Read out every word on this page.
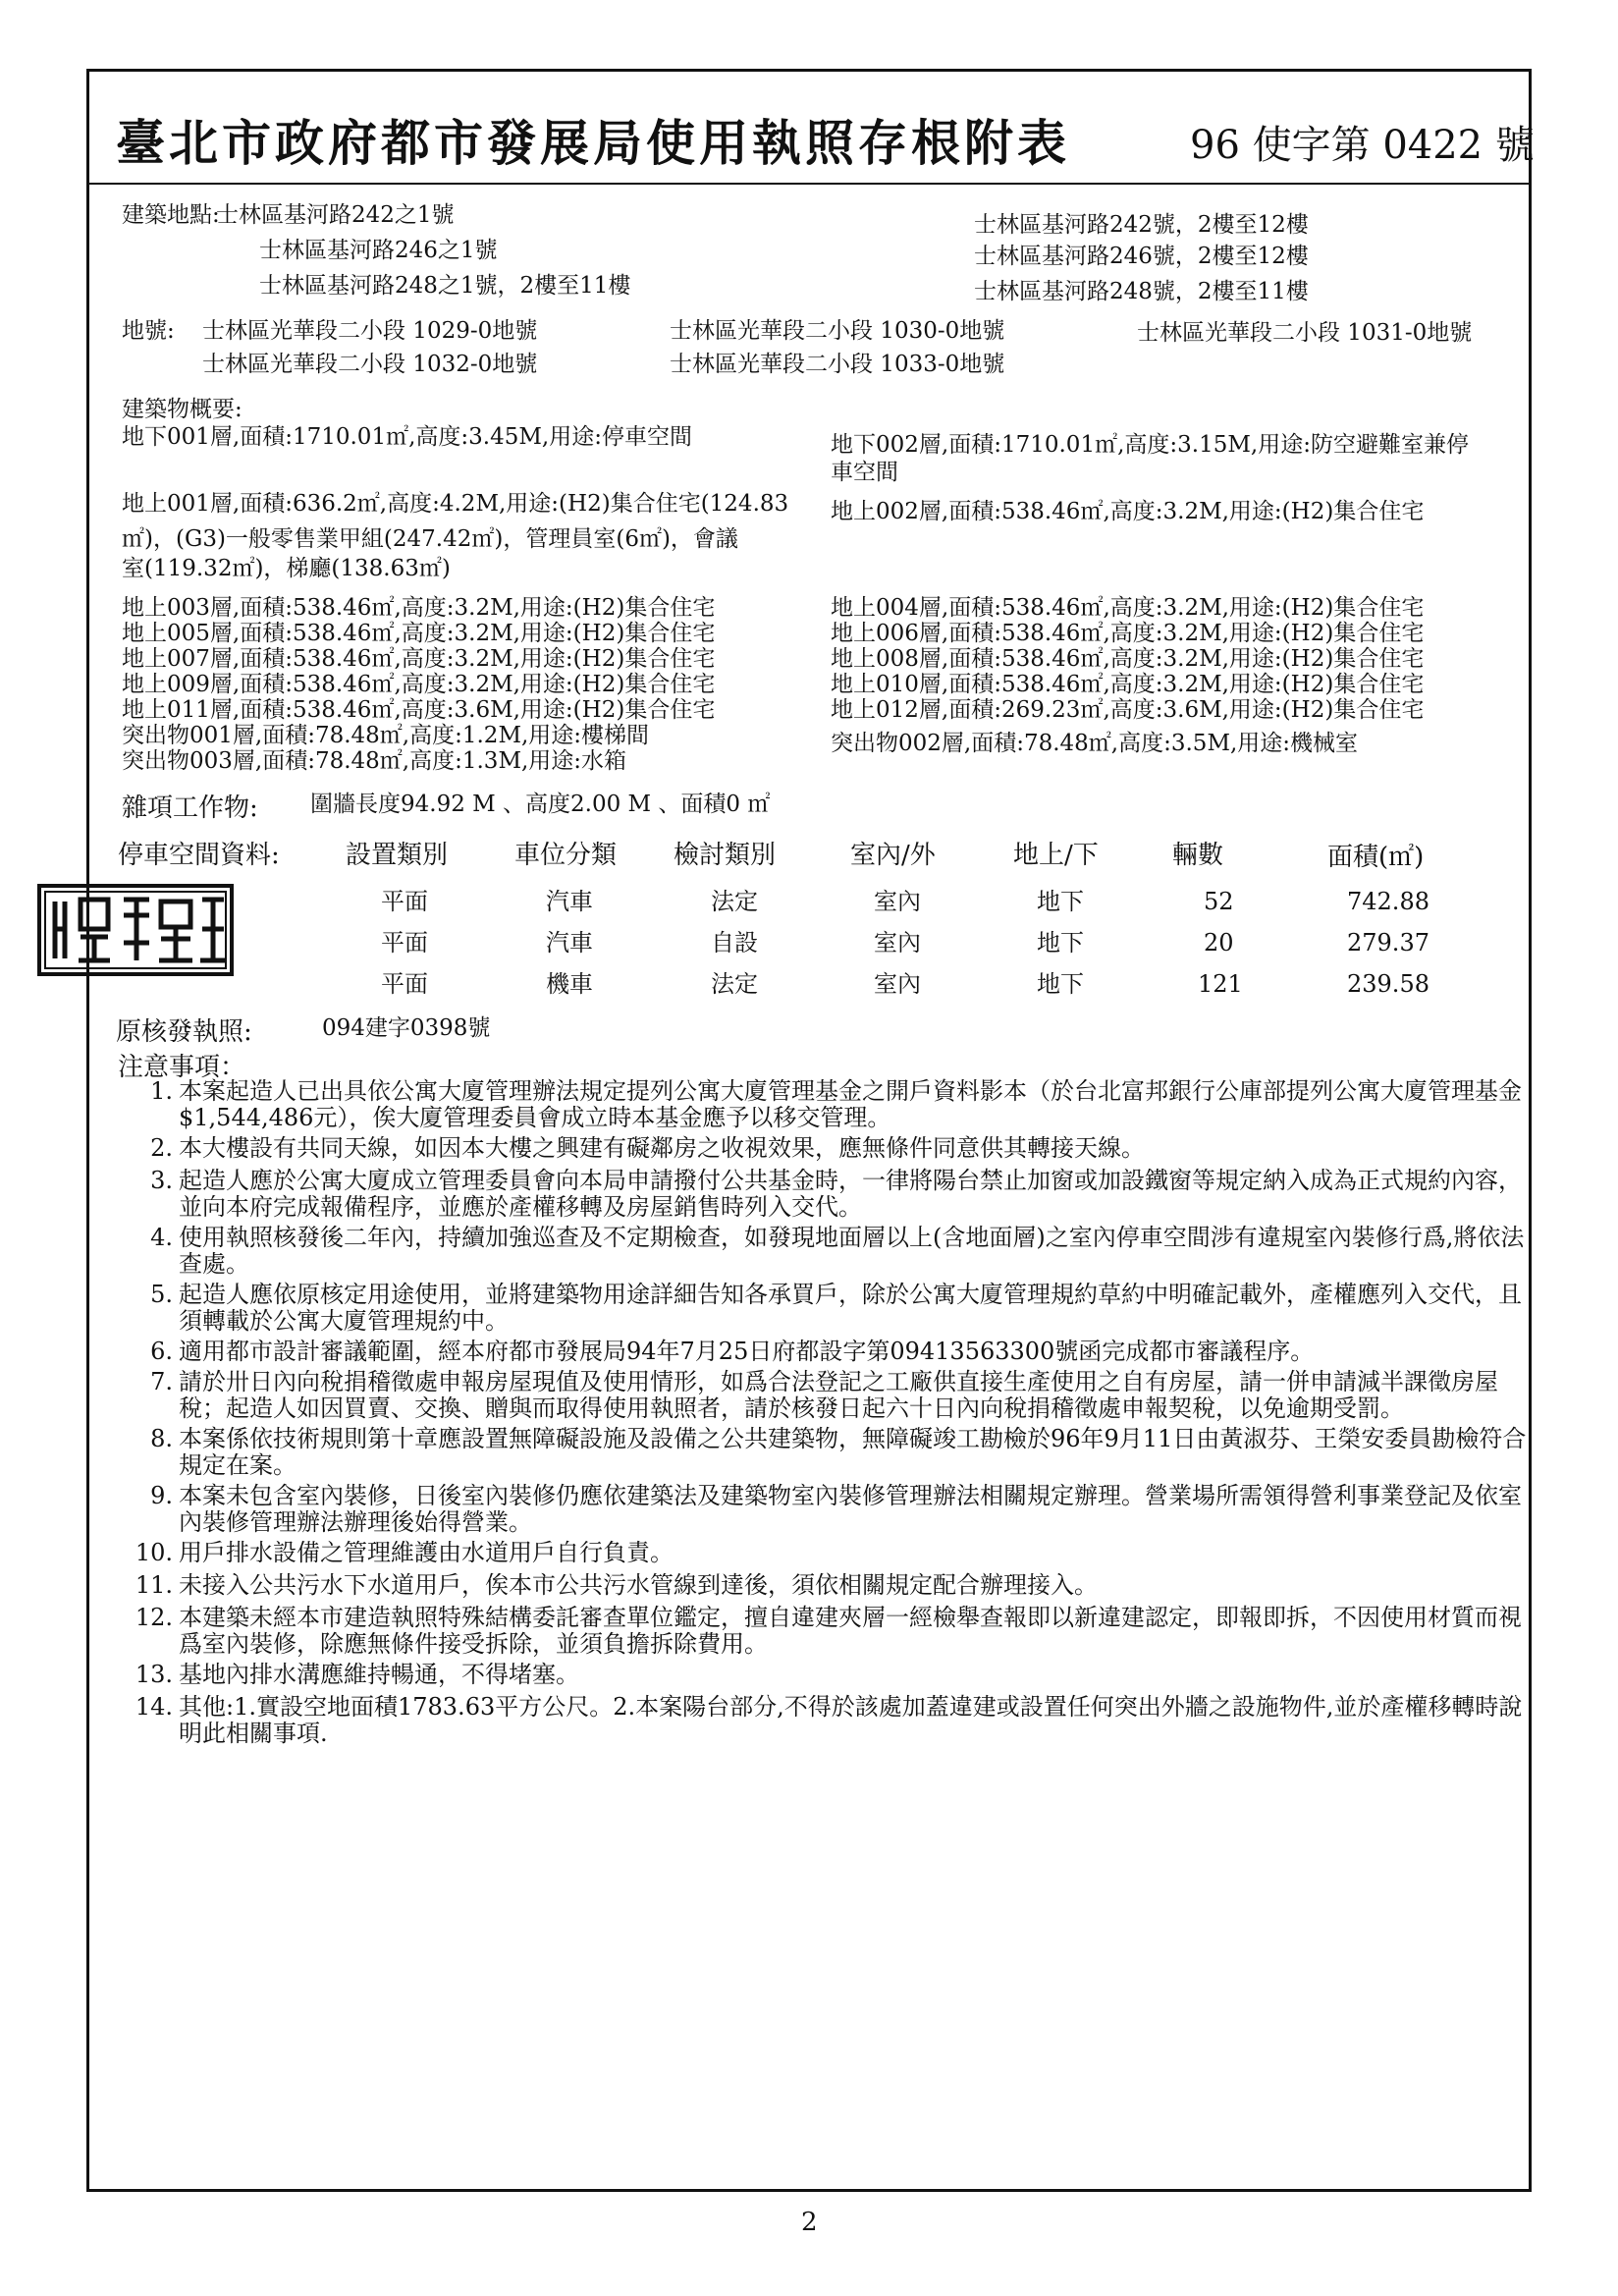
臺北市政府都市發展局使用執照存根附表	96 使字第 0422 號
建築地點:
士林區基河路242之1號
士林區基河路246之1號
士林區基河路248之1號，2樓至11樓
士林區基河路242號，2樓至12樓
士林區基河路246號，2樓至12樓
士林區基河路248號，2樓至11樓
地號: 士林區光華段二小段 1029-0地號	士林區光華段二小段 1030-0地號	士林區光華段二小段 1031-0地號
士林區光華段二小段 1032-0地號	士林區光華段二小段 1033-0地號
建築物概要:
地下001層,面積:1710.01㎡,高度:3.45M,用途:停車空間	地下002層,面積:1710.01㎡,高度:3.15M,用途:防空避難室兼停
車空間
地上001層,面積:636.2㎡,高度:4.2M,用途:(H2)集合住宅(124.83
㎡)，(G3)一般零售業甲組(247.42㎡)，管理員室(6㎡)，會議
室(119.32㎡)，梯廳(138.63㎡)
地上002層,面積:538.46㎡,高度:3.2M,用途:(H2)集合住宅
地上003層,面積:538.46㎡,高度:3.2M,用途:(H2)集合住宅
地上005層,面積:538.46㎡,高度:3.2M,用途:(H2)集合住宅
地上007層,面積:538.46㎡,高度:3.2M,用途:(H2)集合住宅
地上009層,面積:538.46㎡,高度:3.2M,用途:(H2)集合住宅
地上011層,面積:538.46㎡,高度:3.6M,用途:(H2)集合住宅
突出物001層,面積:78.48㎡,高度:1.2M,用途:樓梯間
突出物003層,面積:78.48㎡,高度:1.3M,用途:水箱
地上004層,面積:538.46㎡,高度:3.2M,用途:(H2)集合住宅
地上006層,面積:538.46㎡,高度:3.2M,用途:(H2)集合住宅
地上008層,面積:538.46㎡,高度:3.2M,用途:(H2)集合住宅
地上010層,面積:538.46㎡,高度:3.2M,用途:(H2)集合住宅
地上012層,面積:269.23㎡,高度:3.6M,用途:(H2)集合住宅
突出物002層,面積:78.48㎡,高度:3.5M,用途:機械室
雜項工作物: 圍牆長度94.92 M 、高度2.00 M 、面積0 ㎡
停車空間資料:	設置類別	車位分類 檢討類別	室內/外	地上/下	輛數	面積(㎡)
平面	汽車	法定	室內	地下	52	742.88
平面	汽車	自設	室內	地下	20	279.37
平面	機車	法定	室內	地下	121	239.58
原核發執照:	094建字0398號
注意事項：
1. 本案起造人已出具依公寓大廈管理辦法規定提列公寓大廈管理基金之開戶資料影本（於台北富邦銀行公庫部提列公寓大廈管理基金$1,544,486元），俟大廈管理委員會成立時本基金應予以移交管理。
2. 本大樓設有共同天線，如因本大樓之興建有礙鄰房之收視效果，應無條件同意供其轉接天線。
3. 起造人應於公寓大廈成立管理委員會向本局申請撥付公共基金時，一律將陽台禁止加窗或加設鐵窗等規定納入成為正式規約內容，並向本府完成報備程序，並應於產權移轉及房屋銷售時列入交代。
4. 使用執照核發後二年內，持續加強巡查及不定期檢查，如發現地面層以上(含地面層)之室內停車空間涉有違規室內裝修行爲,將依法查處。
5. 起造人應依原核定用途使用，並將建築物用途詳細告知各承買戶，除於公寓大廈管理規約草約中明確記載外，產權應列入交代，且須轉載於公寓大廈管理規約中。
6. 適用都市設計審議範圍，經本府都市發展局94年7月25日府都設字第09413563300號函完成都市審議程序。
7. 請於卅日內向稅捐稽徵處申報房屋現值及使用情形，如爲合法登記之工廠供直接生產使用之自有房屋，請一併申請減半課徵房屋稅；起造人如因買賣、交換、贈與而取得使用執照者，請於核發日起六十日內向稅捐稽徵處申報契稅，以免逾期受罰。
8. 本案係依技術規則第十章應設置無障礙設施及設備之公共建築物，無障礙竣工勘檢於96年9月11日由黃淑芬、王榮安委員勘檢符合規定在案。
9. 本案未包含室內裝修，日後室內裝修仍應依建築法及建築物室內裝修管理辦法相關規定辦理。營業場所需領得營利事業登記及依室內裝修管理辦法辦理後始得營業。
10. 用戶排水設備之管理維護由水道用戶自行負責。
11. 未接入公共污水下水道用戶，俟本市公共污水管線到達後，須依相關規定配合辦理接入。
12. 本建築未經本市建造執照特殊結構委託審查單位鑑定，擅自違建夾層一經檢舉查報即以新違建認定，即報即拆，不因使用材質而視爲室內裝修，除應無條件接受拆除，並須負擔拆除費用。
13. 基地內排水溝應維持暢通，不得堵塞。
14. 其他:1.實設空地面積1783.63平方公尺。2.本案陽台部分,不得於該處加蓋違建或設置任何突出外牆之設施物件,並於產權移轉時說明此相關事項.
2
